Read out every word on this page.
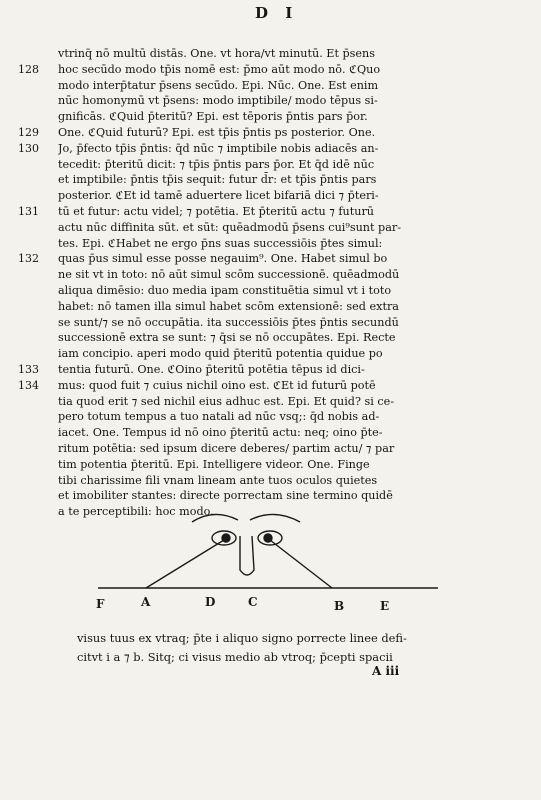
D I
vtrinq̄ nō multū distās. One. vt hora/vt minutū. Et p̄sens
hoc secūdo modo tp̄is nomē est: p̄mo aūt modo nō. ℭQuo
modo interp̄tatur p̄sens secūdo. Epi. Nūc. One. Est enim
nūc homonymū vt p̄sens: modo imptibile/ modo tēpus si-
gnificās. ℭQuid p̄teritū? Epi. est tēporis p̄ntis pars p̄or.
One. ℭQuid futurū? Epi. est tp̄is p̄ntis ps posterior. One.
Jo, p̄fecto tp̄is p̄ntis: q̄d nūc ⁊ imptibile nobis adiacēs an-
tecedit: p̄teritū dicit: ⁊ tp̄is p̄ntis pars p̄or. Et q̄d idē nūc
et imptibile: p̄ntis tp̄is sequit: futur d̄r: et tp̄is p̄ntis pars
posterior. ℭEt id tamē aduertere licet bifariā dici ⁊ p̄teri-
tū et futur: actu videl; ⁊ potētia. Et p̄teritū actu ⁊ futurū
actu nūc diffinita sūt. et sūt: quēadmodū p̄sens cui⁹sunt par-
tes. Epi. ℭHabet ne ergo p̄ns suas successiōis p̄tes simul:
quas p̄us simul esse posse negauim⁹. One. Habet simul bo
ne sit vt in toto: nō aūt simul scōm successionē. quēadmodū
aliqua dimēsio: duo media ipam constituētia simul vt i toto
habet: nō tamen illa simul habet scōm extensionē: sed extra
se sunt/⁊ se nō occupātia. ita successiōis p̄tes p̄ntis secundū
successionē extra se sunt: ⁊ q̄si se nō occupātes. Epi. Recte
iam concipio. aperi modo quid p̄teritū potentia quidue po
tentia futurū. One. ℭOino p̄teritū potētia tēpus id dici-
mus: quod fuit ⁊ cuius nichil oino est. ℭEt id futurū potē
tia quod erit ⁊ sed nichil eius adhuc est. Epi. Et quid? si ce-
pero totum tempus a tuo natali ad nūc vsq;: q̄d nobis ad-
iacet. One. Tempus id nō oino p̄teritū actu: neq; oino p̄te-
ritum potētia: sed ipsum dicere deberes/ partim actu/ ⁊ par
tim potentia p̄teritū. Epi. Intelligere videor. One. Finge
tibi charissime fili vnam lineam ante tuos oculos quietes
et imobiliter stantes: directe porrectam sine termino quidē
a te perceptibili: hoc modo.
128
129
130
131
132
133
134
F	A	D	C	B	E
visus tuus ex vtraq; p̄te i aliquo signo porrecte linee defi-
citvt i a ⁊ b. Sitq; ci visus medio ab vtroq; p̄cepti spacii
A iii
